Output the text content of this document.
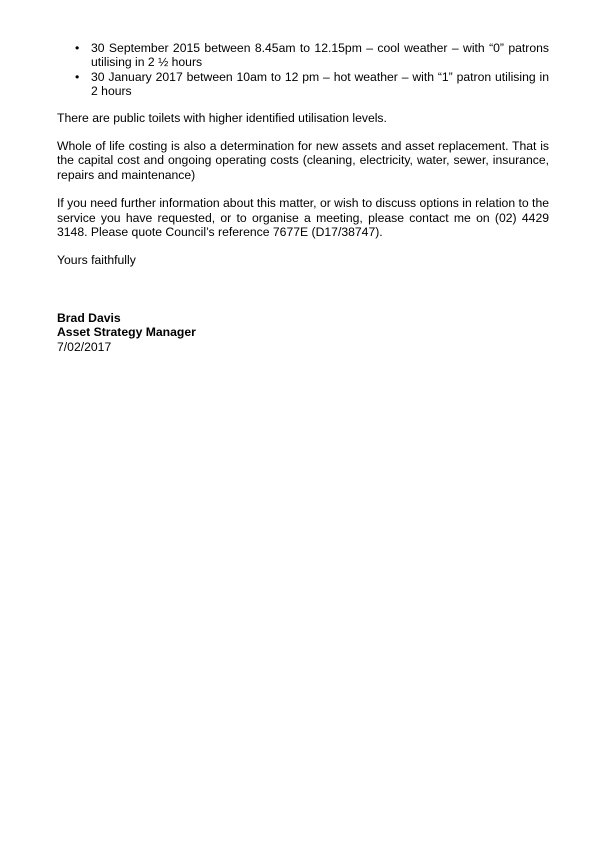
• 30 September 2015 between 8.45am to 12.15pm – cool weather – with “0” patrons utilising in 2 ½ hours
• 30 January 2017 between 10am to 12 pm – hot weather – with “1” patron utilising in 2 hours

There are public toilets with higher identified utilisation levels.

Whole of life costing is also a determination for new assets and asset replacement. That is the capital cost and ongoing operating costs (cleaning, electricity, water, sewer, insurance, repairs and maintenance)

If you need further information about this matter, or wish to discuss options in relation to the service you have requested, or to organise a meeting, please contact me on (02) 4429 3148. Please quote Council’s reference 7677E (D17/38747).

Yours faithfully

Brad Davis
Asset Strategy Manager
7/02/2017
